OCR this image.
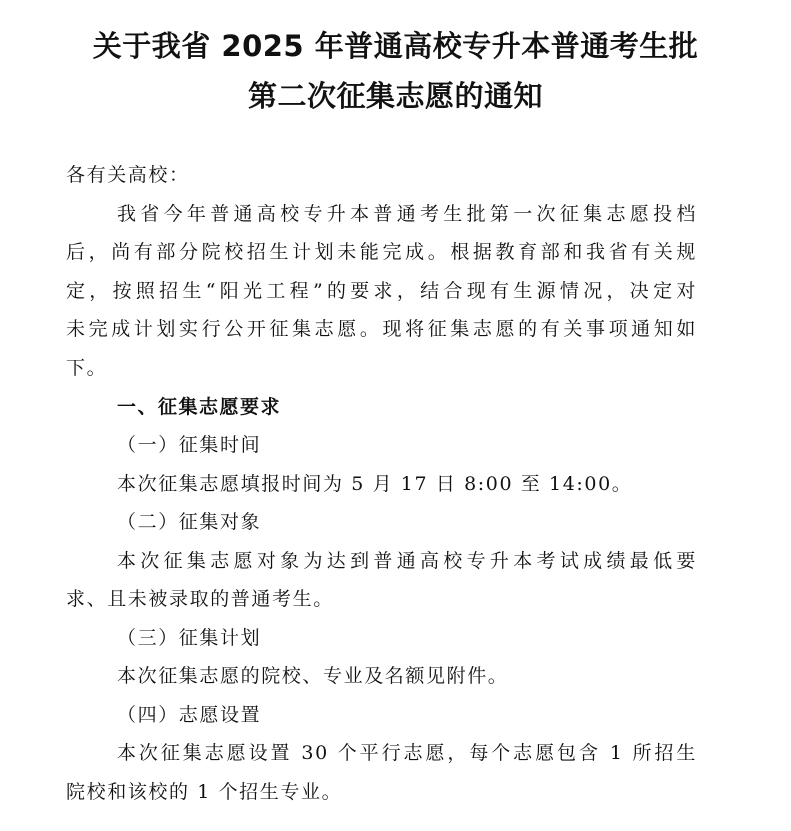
关于我省 2025 年普通高校专升本普通考生批
第二次征集志愿的通知
各有关高校：
我省今年普通高校专升本普通考生批第一次征集志愿投档
后，尚有部分院校招生计划未能完成。根据教育部和我省有关规
定，按照招生“阳光工程”的要求，结合现有生源情况，决定对
未完成计划实行公开征集志愿。现将征集志愿的有关事项通知如
下。
一、征集志愿要求
（一）征集时间
本次征集志愿填报时间为 5 月 17 日 8:00 至 14:00。
（二）征集对象
本次征集志愿对象为达到普通高校专升本考试成绩最低要
求、且未被录取的普通考生。
（三）征集计划
本次征集志愿的院校、专业及名额见附件。
（四）志愿设置
本次征集志愿设置 30 个平行志愿，每个志愿包含 1 所招生
院校和该校的 1 个招生专业。
